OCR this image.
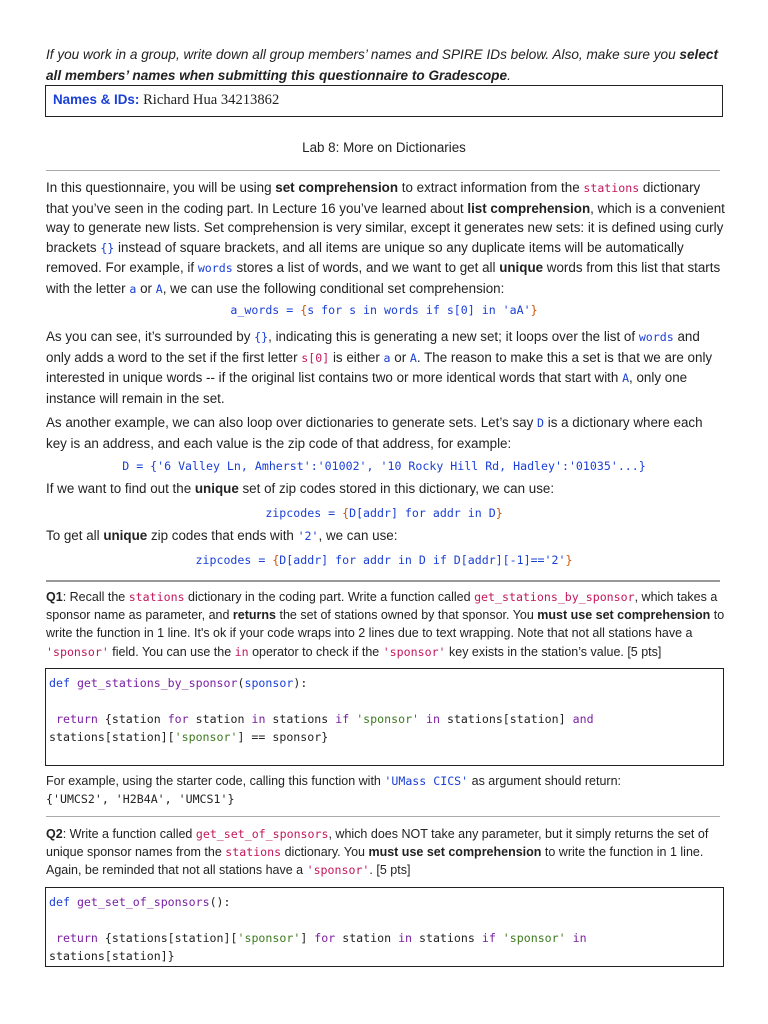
If you work in a group, write down all group members’ names and SPIRE IDs below. Also, make sure you select all members’ names when submitting this questionnaire to Gradescope.

Names & IDs: Richard Hua 34213862
Lab 8: More on Dictionaries

In this questionnaire, you will be using set comprehension to extract information from the stations dictionary that you’ve seen in the coding part. In Lecture 16 you’ve learned about list comprehension, which is a convenient way to generate new lists. Set comprehension is very similar, except it generates new sets: it is defined using curly brackets {} instead of square brackets, and all items are unique so any duplicate items will be automatically removed. For example, if words stores a list of words, and we want to get all unique words from this list that starts with the letter a or A, we can use the following conditional set comprehension:

a_words = {s for s in words if s[0] in 'aA'}

As you can see, it’s surrounded by {}, indicating this is generating a new set; it loops over the list of words and only adds a word to the set if the first letter s[0] is either a or A. The reason to make this a set is that we are only interested in unique words -- if the original list contains two or more identical words that start with A, only one instance will remain in the set.

As another example, we can also loop over dictionaries to generate sets. Let’s say D is a dictionary where each key is an address, and each value is the zip code of that address, for example:

D = {'6 Valley Ln, Amherst':'01002', '10 Rocky Hill Rd, Hadley':'01035'...}

If we want to find out the unique set of zip codes stored in this dictionary, we can use:

zipcodes = {D[addr] for addr in D}

To get all unique zip codes that ends with '2', we can use:

zipcodes = {D[addr] for addr in D if D[addr][-1]=='2'}

Q1: Recall the stations dictionary in the coding part. Write a function called get_stations_by_sponsor, which takes a sponsor name as parameter, and returns the set of stations owned by that sponsor. You must use set comprehension to write the function in 1 line. It's ok if your code wraps into 2 lines due to text wrapping. Note that not all stations have a 'sponsor' field. You can use the in operator to check if the 'sponsor' key exists in the station’s value. [5 pts]

def get_stations_by_sponsor(sponsor):

return {station for station in stations if 'sponsor' in stations[station] and
stations[station]['sponsor'] == sponsor}

For example, using the starter code, calling this function with 'UMass CICS' as argument should return:
{'UMCS2', 'H2B4A', 'UMCS1'}

Q2: Write a function called get_set_of_sponsors, which does NOT take any parameter, but it simply returns the set of unique sponsor names from the stations dictionary. You must use set comprehension to write the function in 1 line. Again, be reminded that not all stations have a 'sponsor'. [5 pts]

def get_set_of_sponsors():

return {stations[station]['sponsor'] for station in stations if 'sponsor' in
stations[station]}
